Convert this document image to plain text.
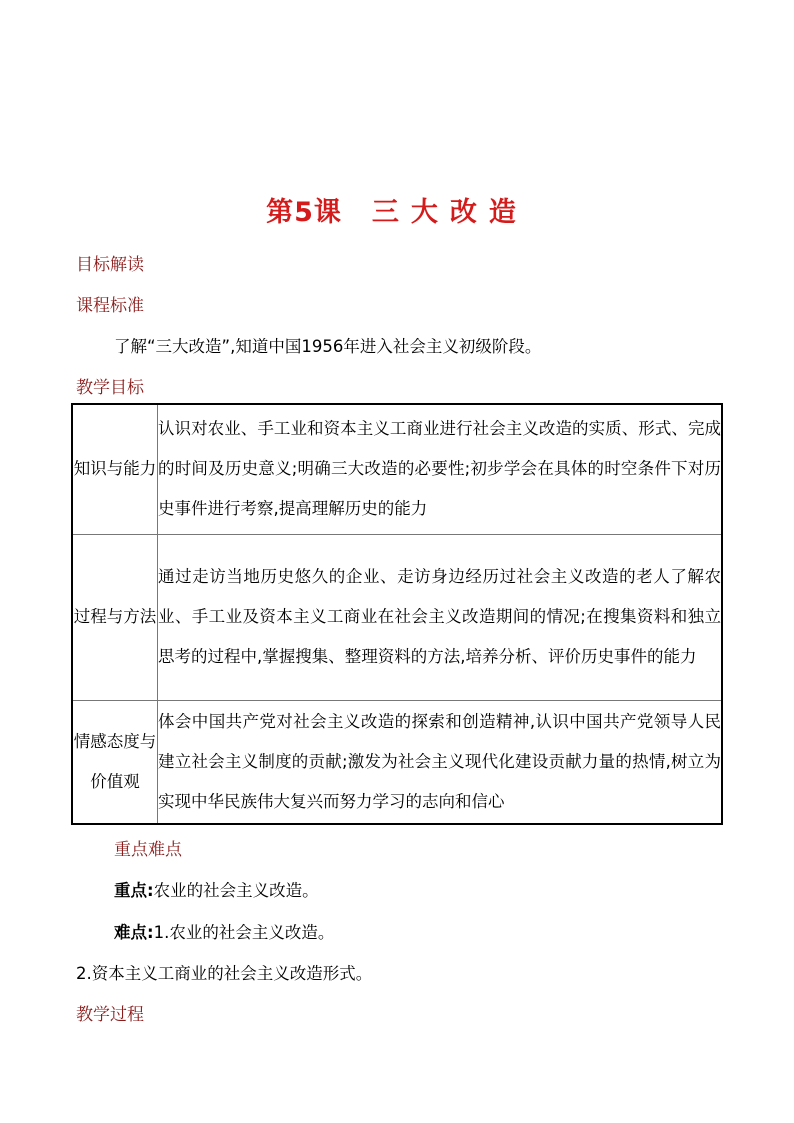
第5课 三大改造
目标解读
课程标准
了解“三大改造”,知道中国1956年进入社会主义初级阶段。
教学目标
知识与能力	认识对农业、手工业和资本主义工商业进行社会主义改造的实质、形式、完成的时间及历史意义;明确三大改造的必要性;初步学会在具体的时空条件下对历史事件进行考察,提高理解历史的能力
过程与方法	通过走访当地历史悠久的企业、走访身边经历过社会主义改造的老人了解农业、手工业及资本主义工商业在社会主义改造期间的情况;在搜集资料和独立思考的过程中,掌握搜集、整理资料的方法,培养分析、评价历史事件的能力
情感态度与价值观	体会中国共产党对社会主义改造的探索和创造精神,认识中国共产党领导人民建立社会主义制度的贡献;激发为社会主义现代化建设贡献力量的热情,树立为实现中华民族伟大复兴而努力学习的志向和信心
重点难点
重点:农业的社会主义改造。
难点:1.农业的社会主义改造。
2.资本主义工商业的社会主义改造形式。
教学过程
